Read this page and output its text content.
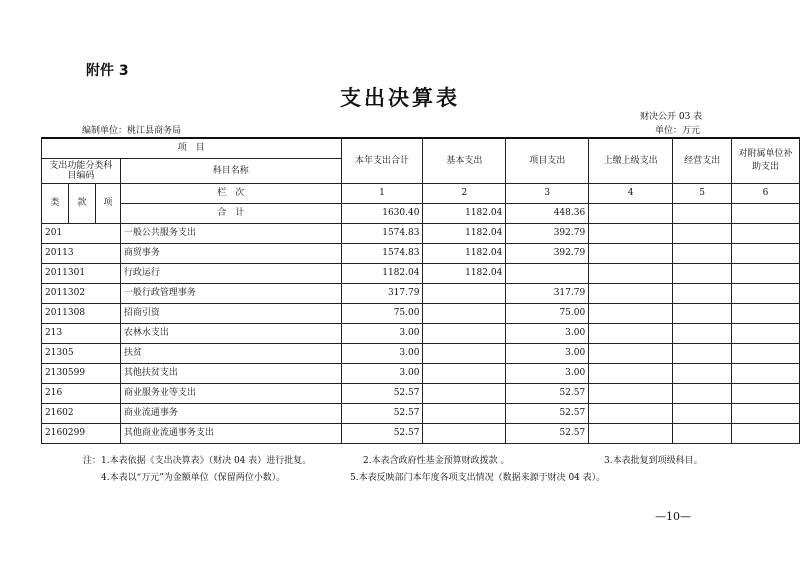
附件 3
支出决算表
财决公开 03 表
单位：万元
编制单位：桃江县商务局
项　目				本年支出合计	基本支出	项目支出	上缴上级支出	经营支出	对附属单位补助支出
支出功能分类科目编码			科目名称						
类	款	项	栏　次	1	2	3	4	5	6
			合　计	1630.40	1182.04	448.36			
201			一般公共服务支出	1574.83	1182.04	392.79			
20113			商贸事务	1574.83	1182.04	392.79			
2011301			行政运行	1182.04	1182.04				
2011302			一般行政管理事务	317.79		317.79			
2011308			招商引资	75.00		75.00			
213			农林水支出	3.00		3.00			
21305			扶贫	3.00		3.00			
2130599			其他扶贫支出	3.00		3.00			
216			商业服务业等支出	52.57		52.57			
21602			商业流通事务	52.57		52.57			
2160299			其他商业流通事务支出	52.57		52.57			
注：1.本表依据《支出决算表》（财决 04 表）进行批复。	2.本表含政府性基金预算财政拨款 。	3.本表批复到项级科目。
4.本表以“万元”为金额单位（保留两位小数）。	5.本表反映部门本年度各项支出情况（数据来源于财决 04 表）。
—10—
